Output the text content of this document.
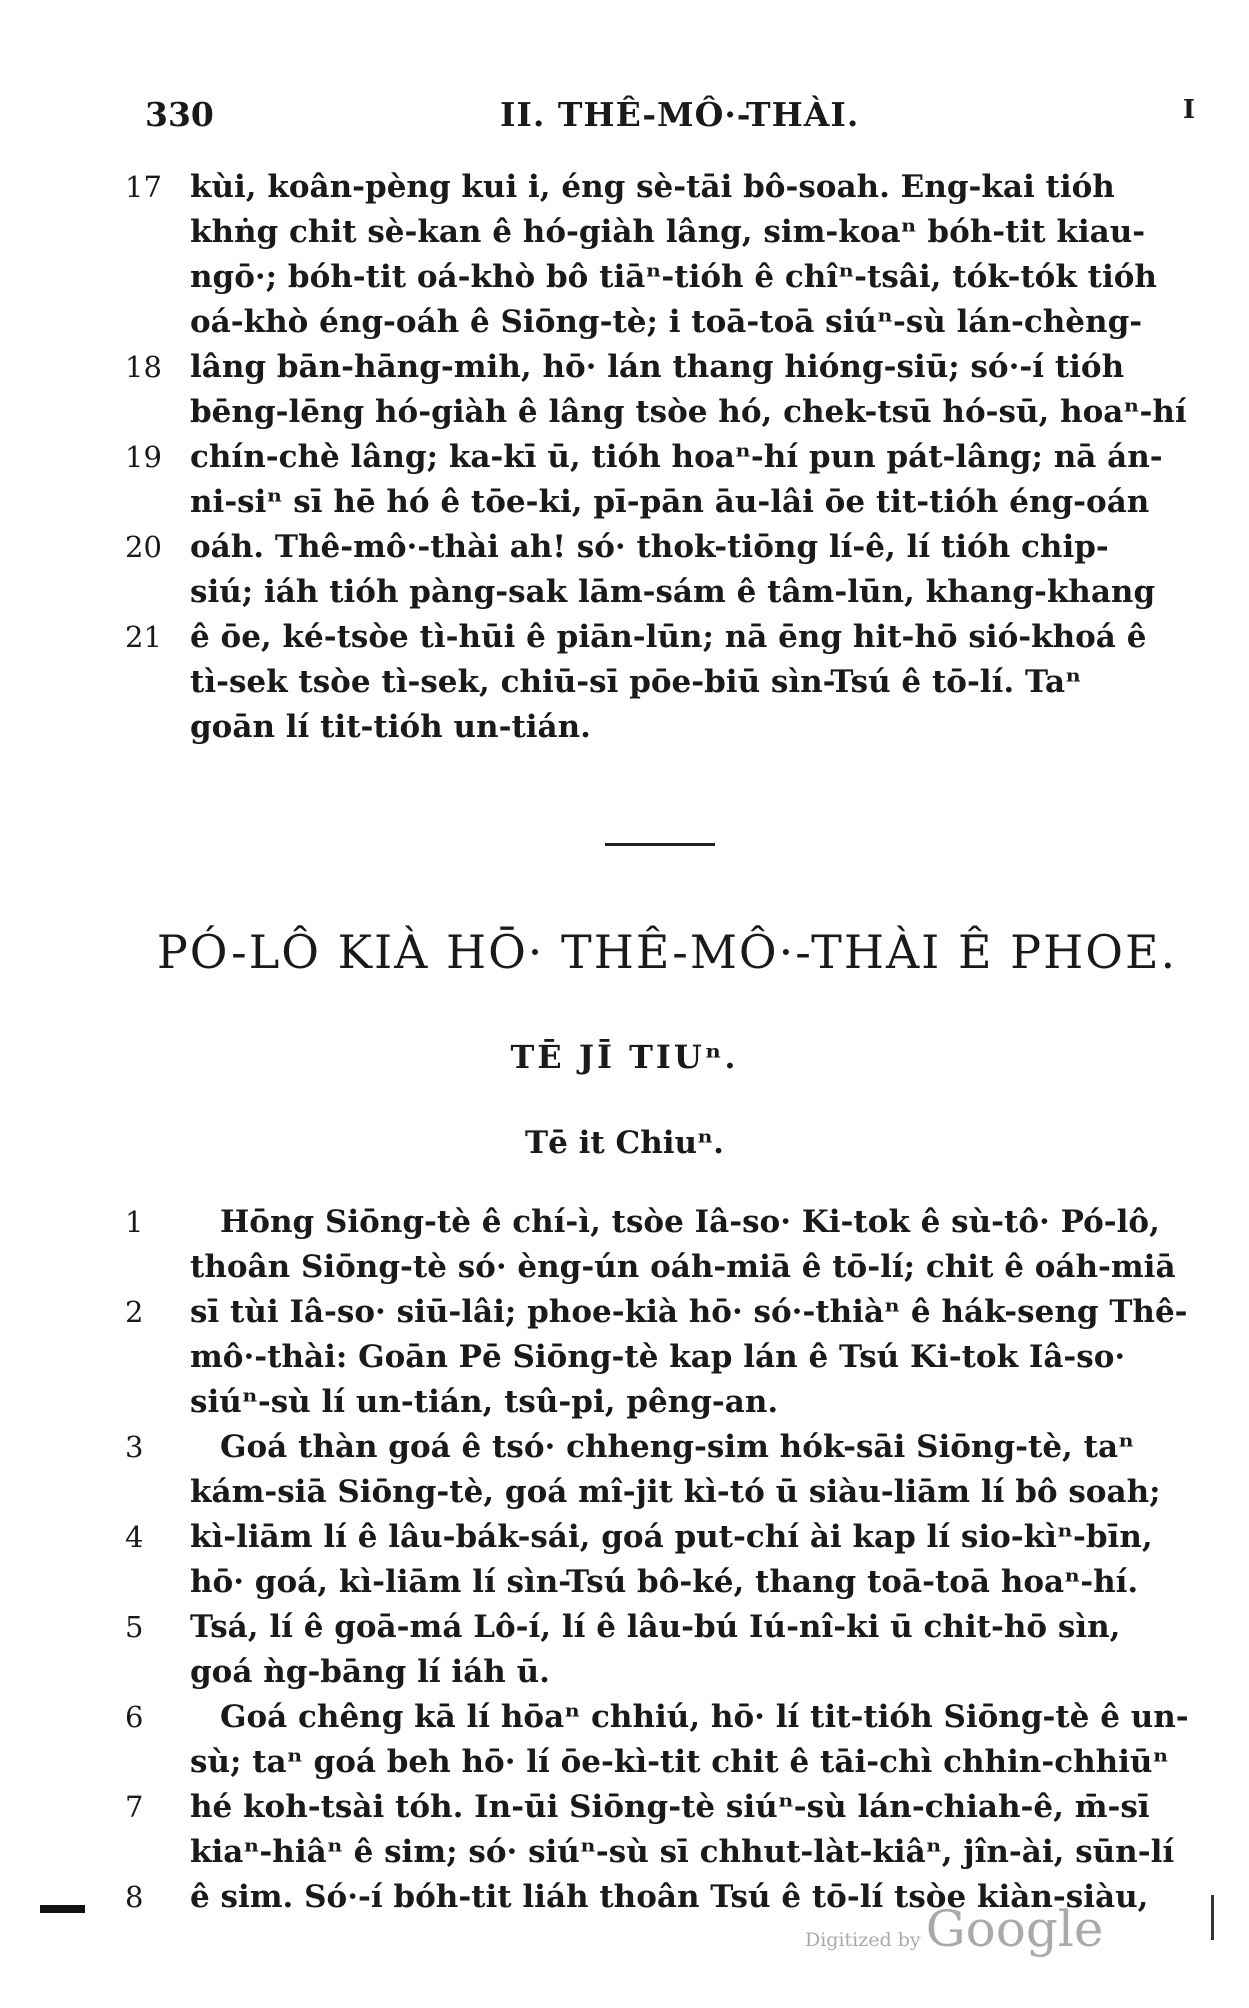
330	II. THÊ-MÔ·-THÀI.	I
kùi, koân-pèng kui i, éng sè-tāi bô-soah. Eng-kai tióh
khṅg chit sè-kan ê hó-giàh lâng, sim-koaⁿ bóh-tit kiau-
ngō·; bóh-tit oá-khò bô tiāⁿ-tióh ê chîⁿ-tsâi, tók-tók tióh
oá-khò éng-oáh ê Siōng-tè; i toā-toā siúⁿ-sù lán-chèng-
lâng bān-hāng-mih, hō· lán thang hióng-siū; só·-í tióh
bēng-lēng hó-giàh ê lâng tsòe hó, chek-tsū hó-sū, hoaⁿ-hí
chín-chè lâng; ka-kī ū, tióh hoaⁿ-hí pun pát-lâng; nā án-
ni-siⁿ sī hē hó ê tōe-ki, pī-pān āu-lâi ōe tit-tióh éng-oán
oáh. Thê-mô·-thài ah! só· thok-tiōng lí-ê, lí tióh chip-
siú; iáh tióh pàng-sak lām-sám ê tâm-lūn, khang-khang
ê ōe, ké-tsòe tì-hūi ê piān-lūn; nā ēng hit-hō sió-khoá ê
tì-sek tsòe tì-sek, chiū-sī pōe-biū sìn-Tsú ê tō-lí. Taⁿ
goān lí tit-tióh un-tián.
17
18
19
20
21
PÓ-LÔ KIÀ HŌ· THÊ-MÔ·-THÀI Ê PHOE.
TĒ JĪ TIUⁿ.
Tē it Chiuⁿ.
Hōng Siōng-tè ê chí-ì, tsòe Iâ-so· Ki-tok ê sù-tô· Pó-lô,
thoân Siōng-tè só· èng-ún oáh-miā ê tō-lí; chit ê oáh-miā
sī tùi Iâ-so· siū-lâi; phoe-kià hō· só·-thiàⁿ ê hák-seng Thê-
mô·-thài: Goān Pē Siōng-tè kap lán ê Tsú Ki-tok Iâ-so·
siúⁿ-sù lí un-tián, tsû-pi, pêng-an.
Goá thàn goá ê tsó· chheng-sim hók-sāi Siōng-tè, taⁿ
kám-siā Siōng-tè, goá mî-jit kì-tó ū siàu-liām lí bô soah;
kì-liām lí ê lâu-bák-sái, goá put-chí ài kap lí sio-kìⁿ-bīn,
hō· goá, kì-liām lí sìn-Tsú bô-ké, thang toā-toā hoaⁿ-hí.
Tsá, lí ê goā-má Lô-í, lí ê lâu-bú Iú-nî-ki ū chit-hō sìn,
goá ǹg-bāng lí iáh ū.
Goá chêng kā lí hōaⁿ chhiú, hō· lí tit-tióh Siōng-tè ê un-
sù; taⁿ goá beh hō· lí ōe-kì-tit chit ê tāi-chì chhin-chhiūⁿ
hé koh-tsài tóh. In-ūi Siōng-tè siúⁿ-sù lán-chiah-ê, m̄-sī
kiaⁿ-hiâⁿ ê sim; só· siúⁿ-sù sī chhut-làt-kiâⁿ, jîn-ài, sūn-lí
ê sim. Só·-í bóh-tit liáh thoân Tsú ê tō-lí tsòe kiàn-siàu,
1
2
3
4
5
6
7
8
Digitized by Google
